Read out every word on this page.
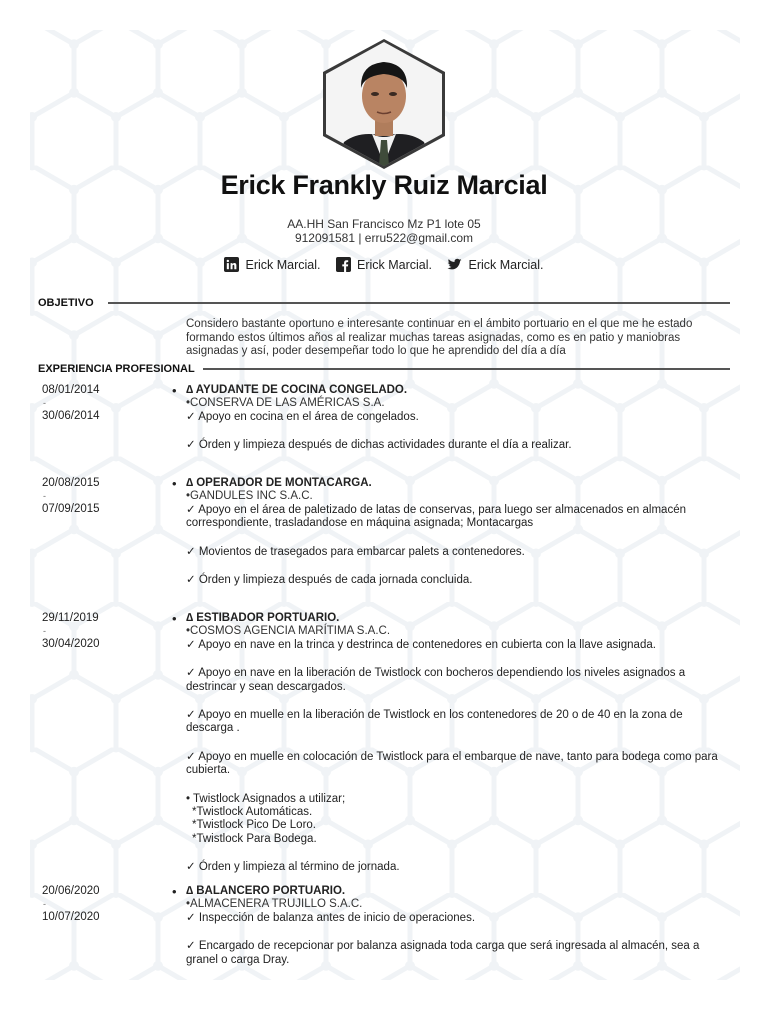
Erick Frankly Ruiz Marcial
AA.HH San Francisco Mz P1 lote 05
912091581 | erru522@gmail.com
Erick Marcial.
	Erick Marcial.
	Erick Marcial.
OBJETIVO
Considero bastante oportuno e interesante continuar en el ámbito portuario en el que me he estado formando estos últimos años al realizar muchas tareas asignadas, como es en patio y maniobras asignadas y así, poder desempeñar todo lo que he aprendido del día a día
EXPERIENCIA PROFESIONAL
08/01/2014
-
30/06/2014
• ∆ AYUDANTE DE COCINA CONGELADO.

•CONSERVA DE LAS AMÉRICAS S.A.

✓ Apoyo en cocina en el área de congelados.

✓ Órden y limpieza después de dichas actividades durante el día a realizar.

20/08/2015
-
07/09/2015
• ∆ OPERADOR DE MONTACARGA.

•GANDULES INC S.A.C.

✓ Apoyo en el área de paletizado de latas de conservas, para luego ser almacenados en almacén correspondiente, trasladandose en máquina asignada; Montacargas

✓ Movientos de trasegados para embarcar palets a contenedores.

✓ Órden y limpieza después de cada jornada concluida.

29/11/2019
-
30/04/2020
• ∆ ESTIBADOR PORTUARIO.

•COSMOS AGENCIA MARÍTIMA S.A.C.

✓ Apoyo en nave en la trinca y destrinca de contenedores en cubierta con la llave asignada.

✓ Apoyo en nave en la liberación de Twistlock con bocheros dependiendo los niveles asignados a destrincar y sean descargados.

✓ Apoyo en muelle en la liberación de Twistlock en los contenedores de 20 o de 40 en la zona de descarga .

✓ Apoyo en muelle en colocación de Twistlock para el embarque de nave, tanto para bodega como para cubierta.

• Twistlock Asignados a utilizar;

*Twistlock Automáticas.

*Twistlock Pico De Loro.

*Twistlock Para Bodega.

✓ Órden y limpieza al término de jornada.

20/06/2020
-
10/07/2020
• ∆ BALANCERO PORTUARIO.

•ALMACENERA TRUJILLO S.A.C.

✓ Inspección de balanza antes de inicio de operaciones.

✓ Encargado de recepcionar por balanza asignada toda carga que será ingresada al almacén, sea a granel o carga Dray.
